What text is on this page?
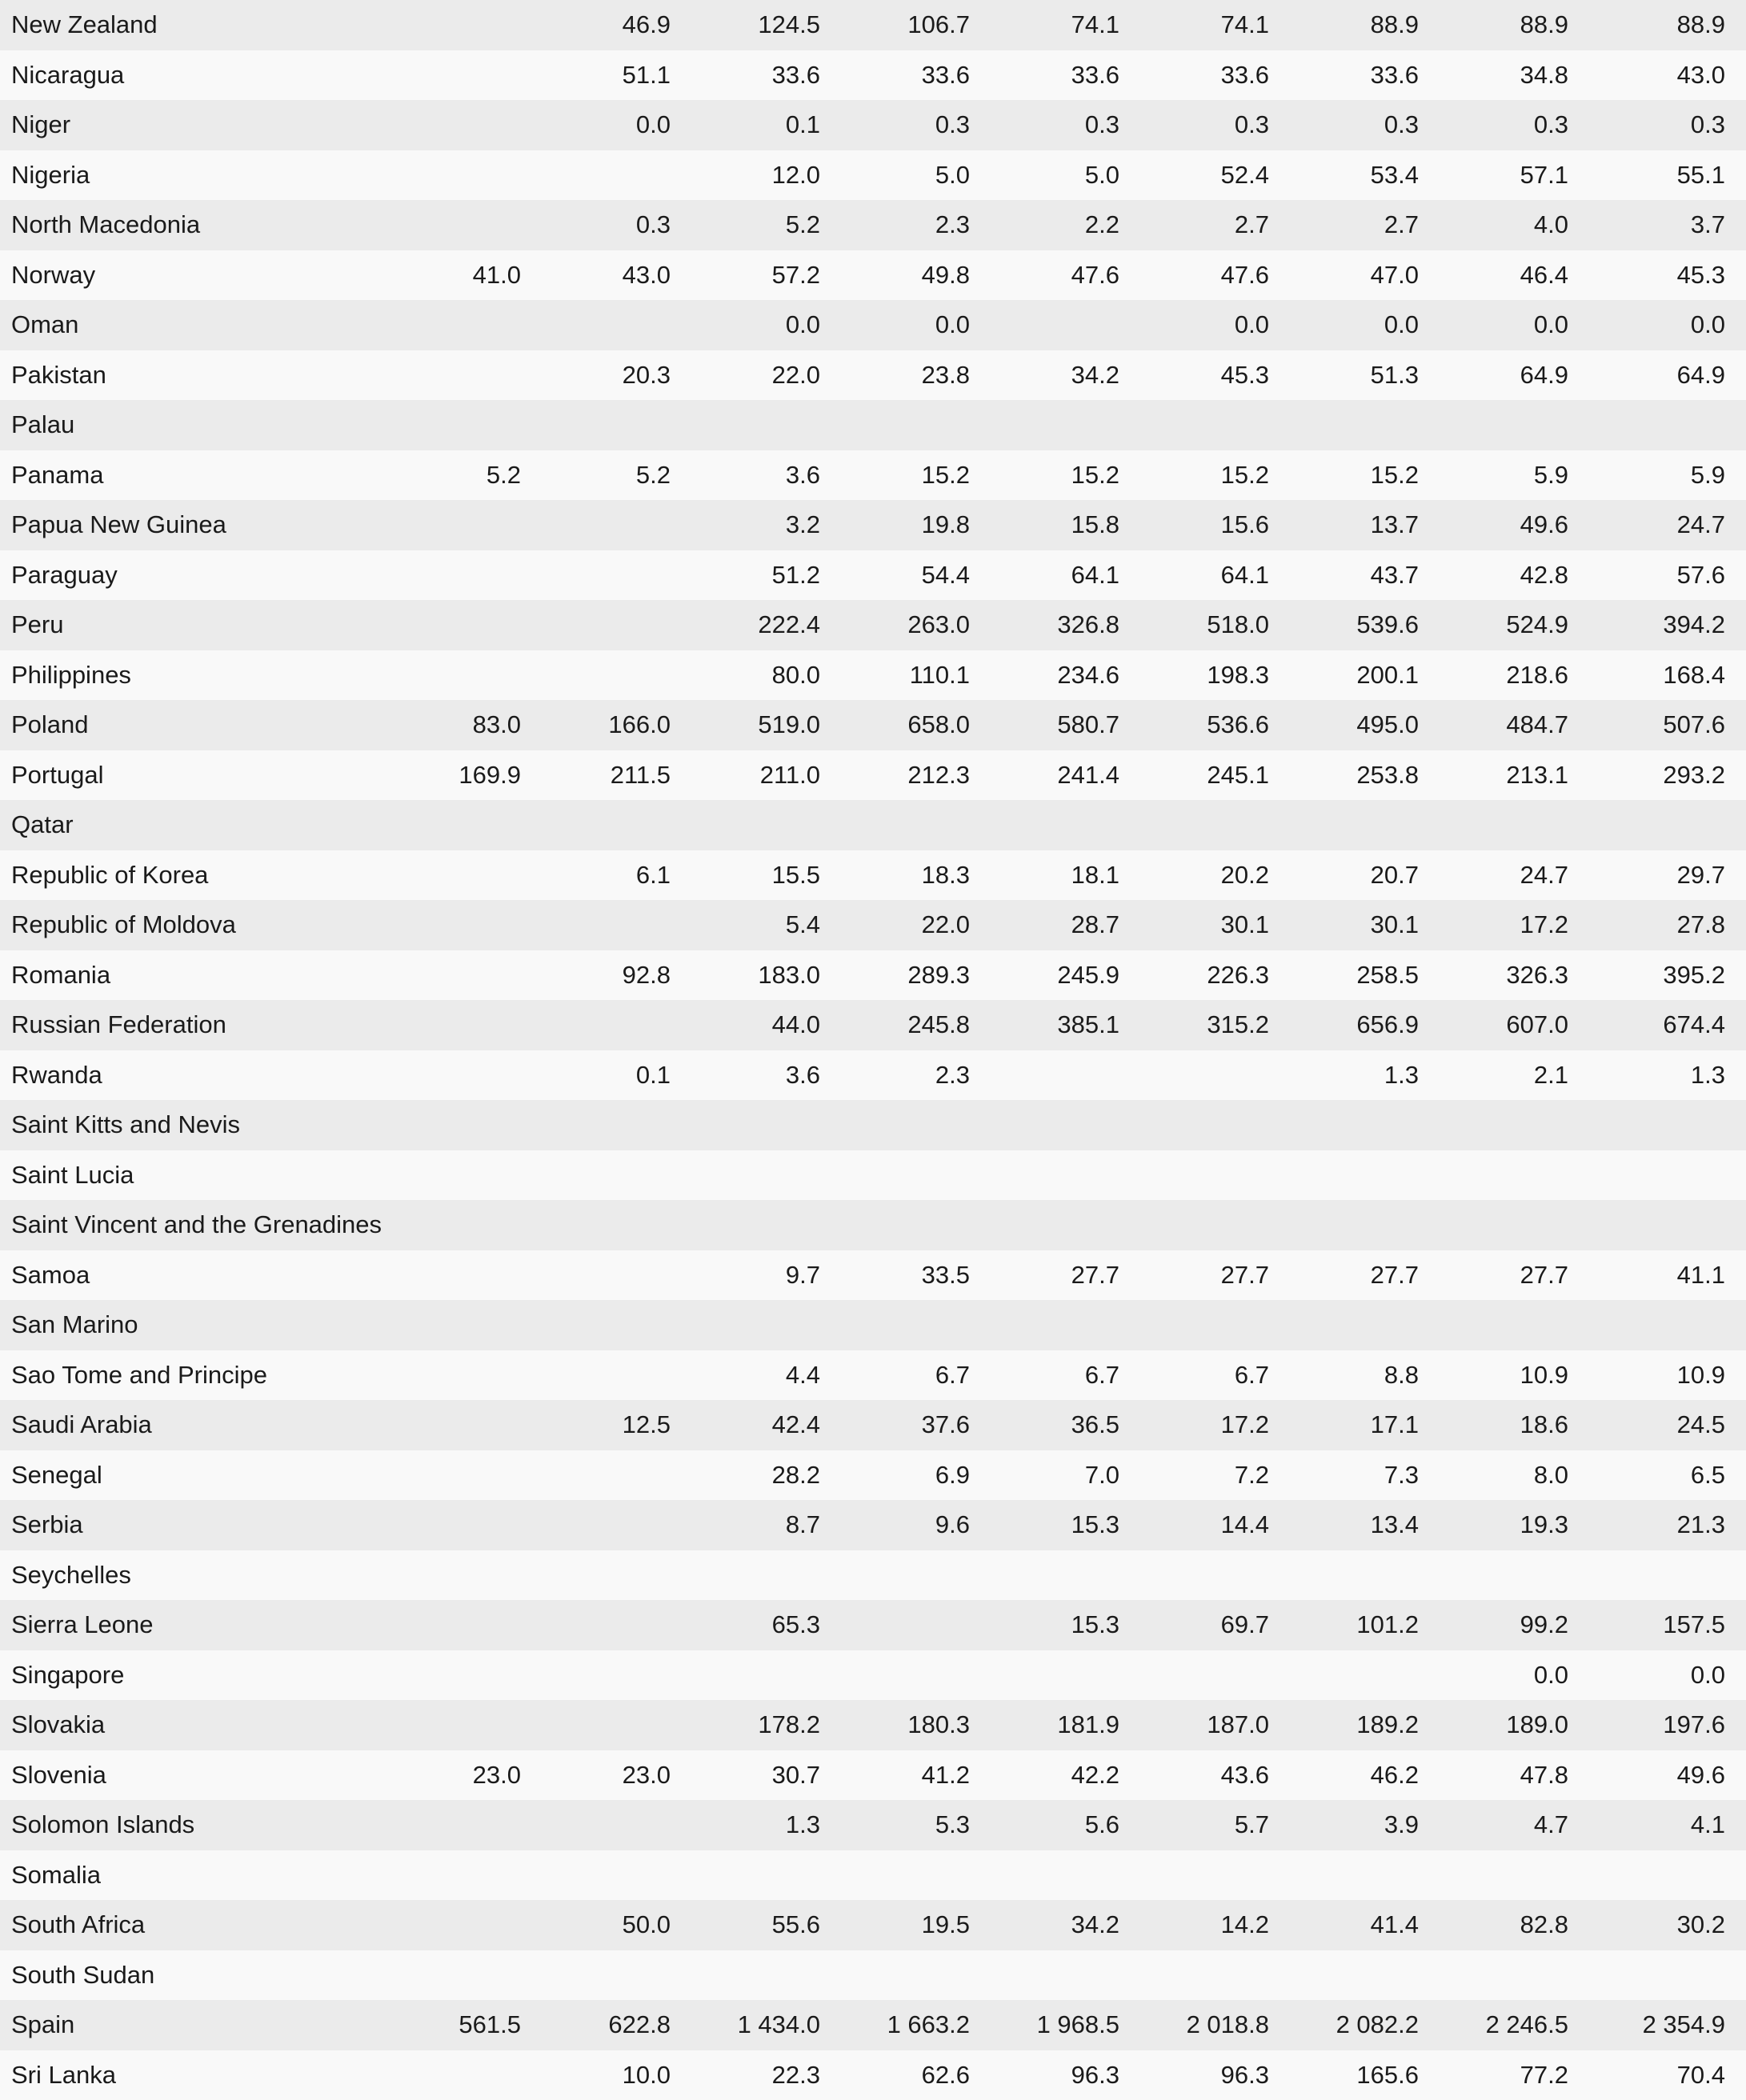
New Zealand		46.9	124.5	106.7	74.1	74.1	88.9	88.9	88.9
Nicaragua		51.1	33.6	33.6	33.6	33.6	33.6	34.8	43.0
Niger		0.0	0.1	0.3	0.3	0.3	0.3	0.3	0.3
Nigeria			12.0	5.0	5.0	52.4	53.4	57.1	55.1
North Macedonia		0.3	5.2	2.3	2.2	2.7	2.7	4.0	3.7
Norway	41.0	43.0	57.2	49.8	47.6	47.6	47.0	46.4	45.3
Oman			0.0	0.0		0.0	0.0	0.0	0.0
Pakistan		20.3	22.0	23.8	34.2	45.3	51.3	64.9	64.9
Palau									
Panama	5.2	5.2	3.6	15.2	15.2	15.2	15.2	5.9	5.9
Papua New Guinea			3.2	19.8	15.8	15.6	13.7	49.6	24.7
Paraguay			51.2	54.4	64.1	64.1	43.7	42.8	57.6
Peru			222.4	263.0	326.8	518.0	539.6	524.9	394.2
Philippines			80.0	110.1	234.6	198.3	200.1	218.6	168.4
Poland	83.0	166.0	519.0	658.0	580.7	536.6	495.0	484.7	507.6
Portugal	169.9	211.5	211.0	212.3	241.4	245.1	253.8	213.1	293.2
Qatar									
Republic of Korea		6.1	15.5	18.3	18.1	20.2	20.7	24.7	29.7
Republic of Moldova			5.4	22.0	28.7	30.1	30.1	17.2	27.8
Romania		92.8	183.0	289.3	245.9	226.3	258.5	326.3	395.2
Russian Federation			44.0	245.8	385.1	315.2	656.9	607.0	674.4
Rwanda		0.1	3.6	2.3			1.3	2.1	1.3
Saint Kitts and Nevis									
Saint Lucia									
Saint Vincent and the Grenadines									
Samoa			9.7	33.5	27.7	27.7	27.7	27.7	41.1
San Marino									
Sao Tome and Principe			4.4	6.7	6.7	6.7	8.8	10.9	10.9
Saudi Arabia		12.5	42.4	37.6	36.5	17.2	17.1	18.6	24.5
Senegal			28.2	6.9	7.0	7.2	7.3	8.0	6.5
Serbia			8.7	9.6	15.3	14.4	13.4	19.3	21.3
Seychelles									
Sierra Leone			65.3		15.3	69.7	101.2	99.2	157.5
Singapore								0.0	0.0
Slovakia			178.2	180.3	181.9	187.0	189.2	189.0	197.6
Slovenia	23.0	23.0	30.7	41.2	42.2	43.6	46.2	47.8	49.6
Solomon Islands			1.3	5.3	5.6	5.7	3.9	4.7	4.1
Somalia									
South Africa		50.0	55.6	19.5	34.2	14.2	41.4	82.8	30.2
South Sudan									
Spain	561.5	622.8	1 434.0	1 663.2	1 968.5	2 018.8	2 082.2	2 246.5	2 354.9
Sri Lanka		10.0	22.3	62.6	96.3	96.3	165.6	77.2	70.4
